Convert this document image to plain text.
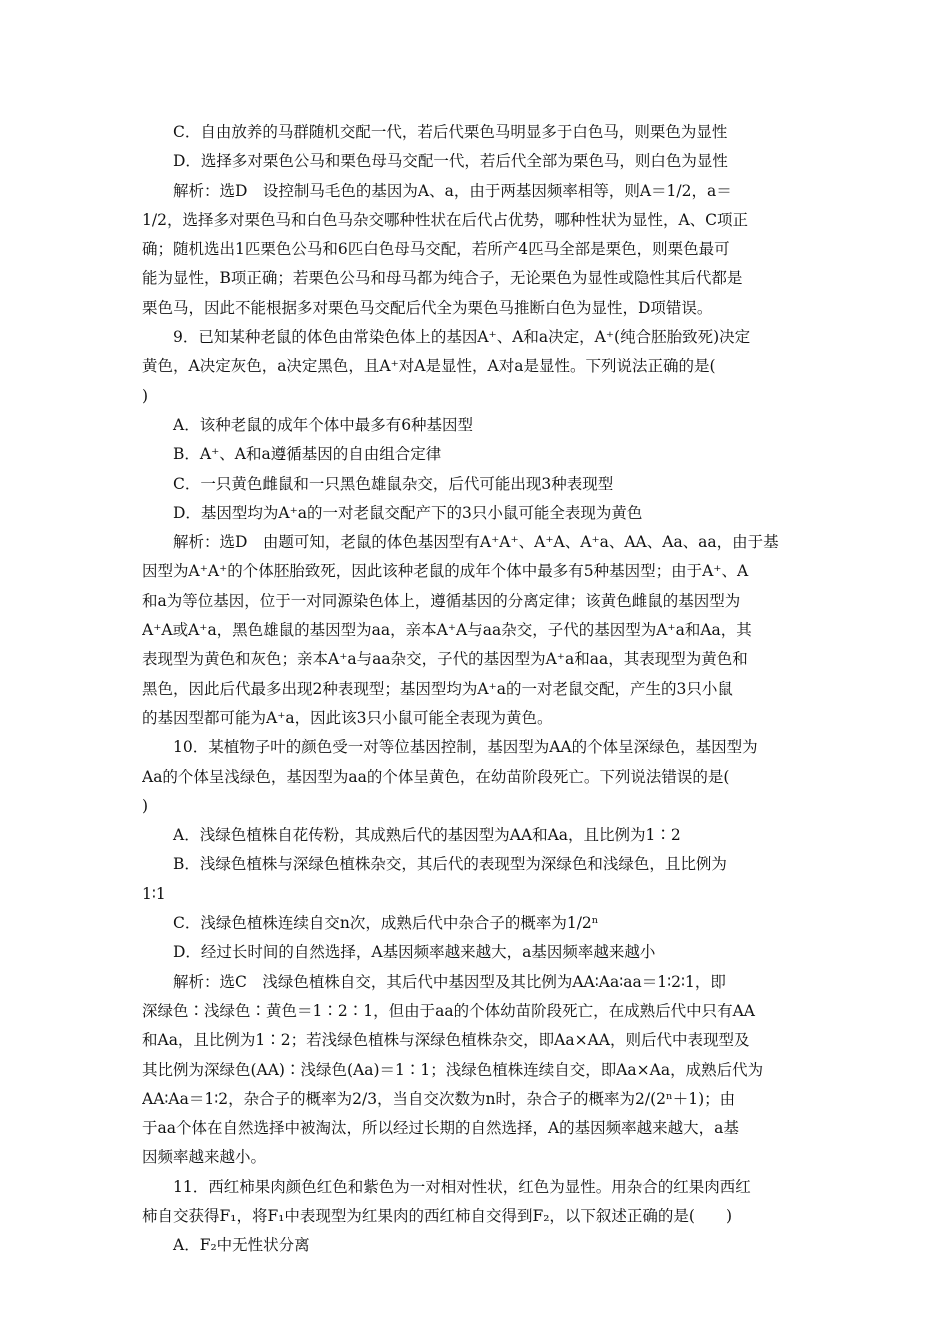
C．自由放养的马群随机交配一代，若后代栗色马明显多于白色马，则栗色为显性
D．选择多对栗色公马和栗色母马交配一代，若后代全部为栗色马，则白色为显性
解析：选D　设控制马毛色的基因为A、a，由于两基因频率相等，则A＝1/2，a＝
1/2，选择多对栗色马和白色马杂交哪种性状在后代占优势，哪种性状为显性，A、C项正
确；随机选出1匹栗色公马和6匹白色母马交配，若所产4匹马全部是栗色，则栗色最可
能为显性，B项正确；若栗色公马和母马都为纯合子，无论栗色为显性或隐性其后代都是
栗色马，因此不能根据多对栗色马交配后代全为栗色马推断白色为显性，D项错误。
9．已知某种老鼠的体色由常染色体上的基因A⁺、A和a决定，A⁺(纯合胚胎致死)决定
黄色，A决定灰色，a决定黑色，且A⁺对A是显性，A对a是显性。下列说法正确的是(
)
A．该种老鼠的成年个体中最多有6种基因型
B．A⁺、A和a遵循基因的自由组合定律
C．一只黄色雌鼠和一只黑色雄鼠杂交，后代可能出现3种表现型
D．基因型均为A⁺a的一对老鼠交配产下的3只小鼠可能全表现为黄色
解析：选D　由题可知，老鼠的体色基因型有A⁺A⁺、A⁺A、A⁺a、AA、Aa、aa，由于基
因型为A⁺A⁺的个体胚胎致死，因此该种老鼠的成年个体中最多有5种基因型；由于A⁺、A
和a为等位基因，位于一对同源染色体上，遵循基因的分离定律；该黄色雌鼠的基因型为
A⁺A或A⁺a，黑色雄鼠的基因型为aa，亲本A⁺A与aa杂交，子代的基因型为A⁺a和Aa，其
表现型为黄色和灰色；亲本A⁺a与aa杂交，子代的基因型为A⁺a和aa，其表现型为黄色和
黑色，因此后代最多出现2种表现型；基因型均为A⁺a的一对老鼠交配，产生的3只小鼠
的基因型都可能为A⁺a，因此该3只小鼠可能全表现为黄色。
10．某植物子叶的颜色受一对等位基因控制，基因型为AA的个体呈深绿色，基因型为
Aa的个体呈浅绿色，基因型为aa的个体呈黄色，在幼苗阶段死亡。下列说法错误的是(
)
A．浅绿色植株自花传粉，其成熟后代的基因型为AA和Aa，且比例为1∶2
B．浅绿色植株与深绿色植株杂交，其后代的表现型为深绿色和浅绿色，且比例为
1∶1
C．浅绿色植株连续自交n次，成熟后代中杂合子的概率为1/2ⁿ
D．经过长时间的自然选择，A基因频率越来越大，a基因频率越来越小
解析：选C　浅绿色植株自交，其后代中基因型及其比例为AA∶Aa∶aa＝1∶2∶1，即
深绿色∶浅绿色∶黄色＝1∶2∶1，但由于aa的个体幼苗阶段死亡，在成熟后代中只有AA
和Aa，且比例为1∶2；若浅绿色植株与深绿色植株杂交，即Aa×AA，则后代中表现型及
其比例为深绿色(AA)∶浅绿色(Aa)＝1∶1；浅绿色植株连续自交，即Aa×Aa，成熟后代为
AA∶Aa＝1∶2，杂合子的概率为2/3，当自交次数为n时，杂合子的概率为2/(2ⁿ＋1)；由
于aa个体在自然选择中被淘汰，所以经过长期的自然选择，A的基因频率越来越大，a基
因频率越来越小。
11．西红柿果肉颜色红色和紫色为一对相对性状，红色为显性。用杂合的红果肉西红
柿自交获得F₁，将F₁中表现型为红果肉的西红柿自交得到F₂，以下叙述正确的是(　　)
A．F₂中无性状分离
